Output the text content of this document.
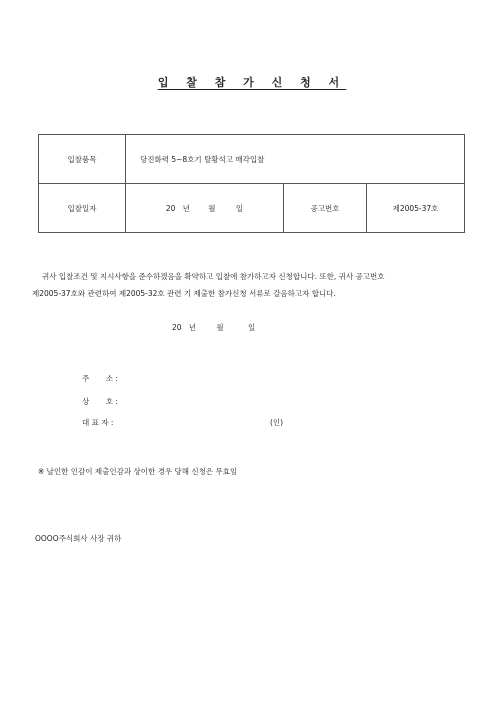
입 찰 참 가 신 청 서
입찰품목	당진화력 5~8호기 탈황석고 매각입찰		
입찰일자	20   년 월 일	공고번호	제2005-37호
귀사 입찰조건 및 지시사항을 준수하겠음을 확약하고 입찰에 참가하고자 신청합니다. 또한, 귀사 공고번호
제2005-37호와 관련하여 제2005-32호 관련 기 제출한 참가신청 서류로 갈음하고자 합니다.
20   년	월	일
주       소 :
상       호 :
대 표 자 :	(인)
※ 날인한 인감이 제출인감과 상이한 경우 당해 신청은 무효임
OOOO주식회사 사장 귀하
